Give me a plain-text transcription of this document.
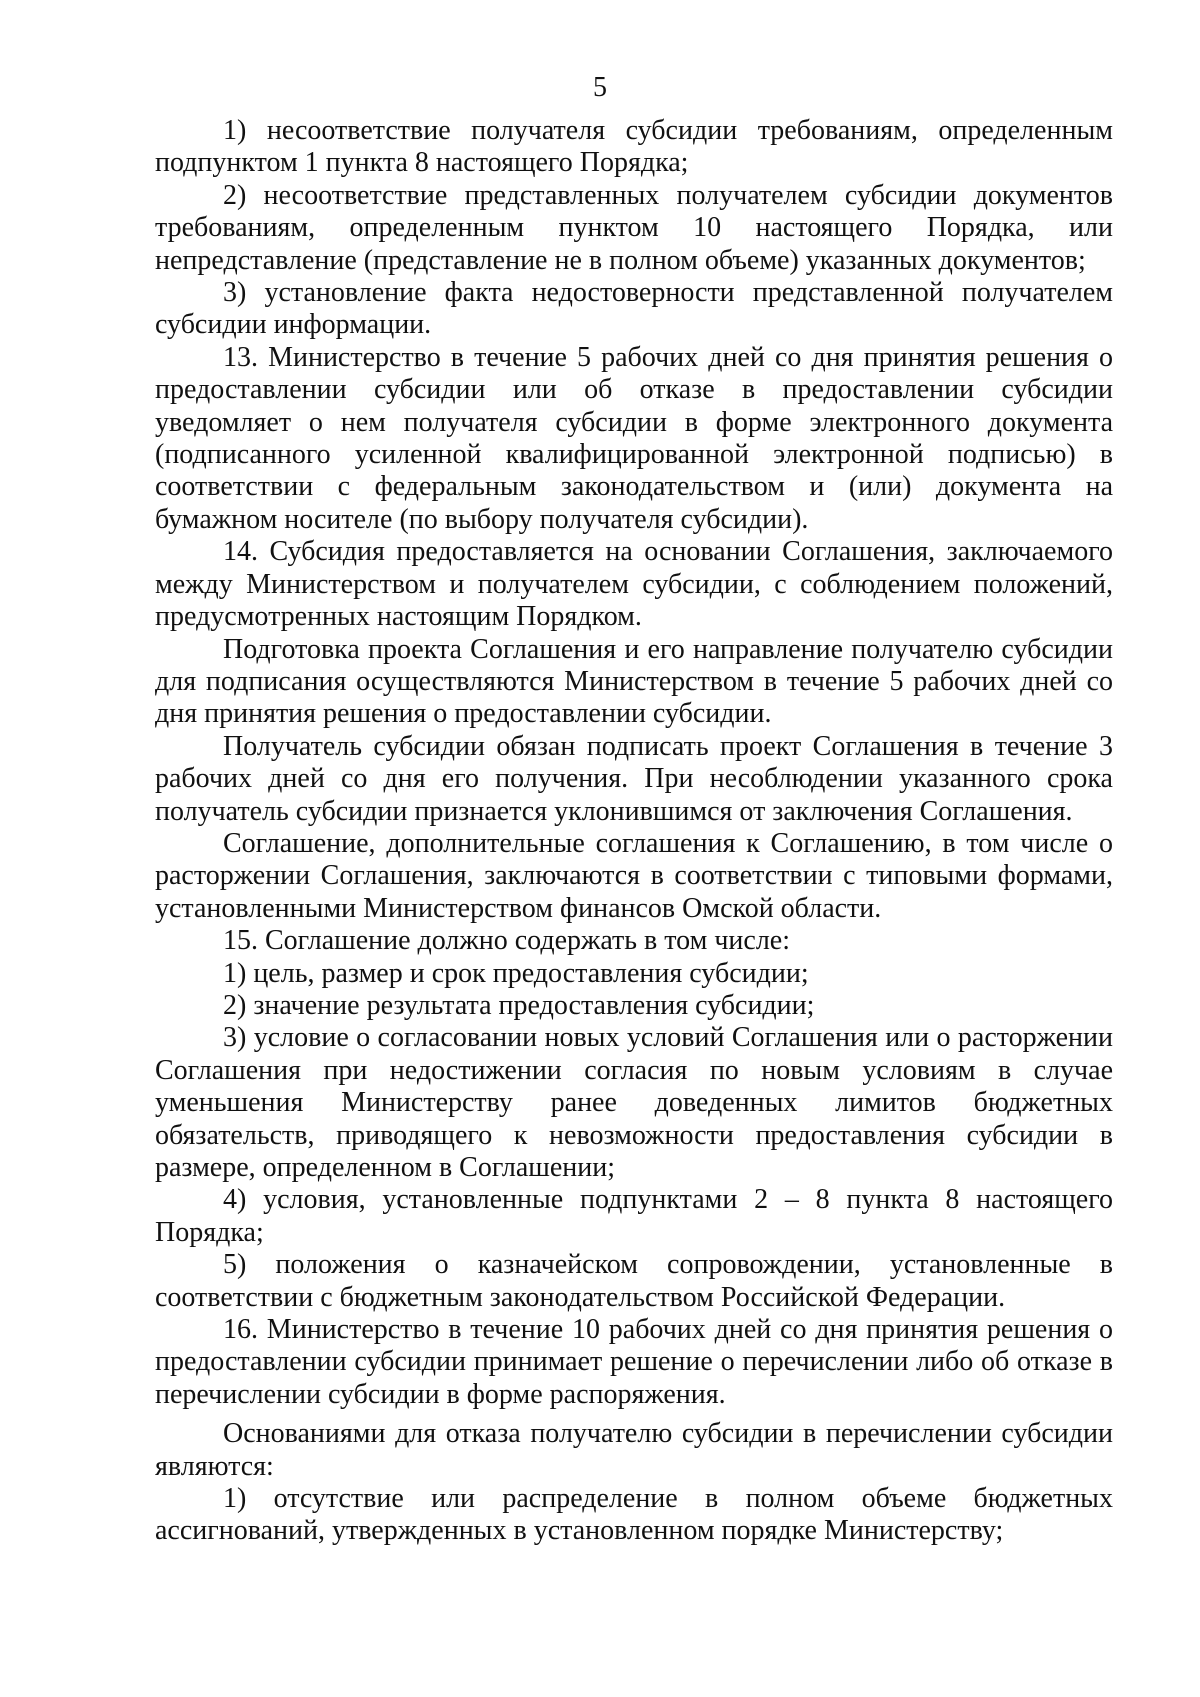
5

1) несоответствие получателя субсидии требованиям, определенным подпунктом 1 пункта 8 настоящего Порядка;

2) несоответствие представленных получателем субсидии документов требованиям, определенным пунктом 10 настоящего Порядка, или непредставление (представление не в полном объеме) указанных документов;

3) установление факта недостоверности представленной получателем субсидии информации.

13. Министерство в течение 5 рабочих дней со дня принятия решения о предоставлении субсидии или об отказе в предоставлении субсидии уведомляет о нем получателя субсидии в форме электронного документа (подписанного усиленной квалифицированной электронной подписью) в соответствии с федеральным законодательством и (или) документа на бумажном носителе (по выбору получателя субсидии).

14. Субсидия предоставляется на основании Соглашения, заключаемого между Министерством и получателем субсидии, с соблюдением положений, предусмотренных настоящим Порядком.

Подготовка проекта Соглашения и его направление получателю субсидии для подписания осуществляются Министерством в течение 5 рабочих дней со дня принятия решения о предоставлении субсидии.

Получатель субсидии обязан подписать проект Соглашения в течение 3 рабочих дней со дня его получения. При несоблюдении указанного срока получатель субсидии признается уклонившимся от заключения Соглашения.

Соглашение, дополнительные соглашения к Соглашению, в том числе о расторжении Соглашения, заключаются в соответствии с типовыми формами, установленными Министерством финансов Омской области.

15. Соглашение должно содержать в том числе:

1) цель, размер и срок предоставления субсидии;

2) значение результата предоставления субсидии;

3) условие о согласовании новых условий Соглашения или о расторжении Соглашения при недостижении согласия по новым условиям в случае уменьшения Министерству ранее доведенных лимитов бюджетных обязательств, приводящего к невозможности предоставления субсидии в размере, определенном в Соглашении;

4) условия, установленные подпунктами 2 – 8 пункта 8 настоящего Порядка;

5) положения о казначейском сопровождении, установленные в соответствии с бюджетным законодательством Российской Федерации.

16. Министерство в течение 10 рабочих дней со дня принятия решения о предоставлении субсидии принимает решение о перечислении либо об отказе в перечислении субсидии в форме распоряжения.

Основаниями для отказа получателю субсидии в перечислении субсидии являются:

1) отсутствие или распределение в полном объеме бюджетных ассигнований, утвержденных в установленном порядке Министерству;
